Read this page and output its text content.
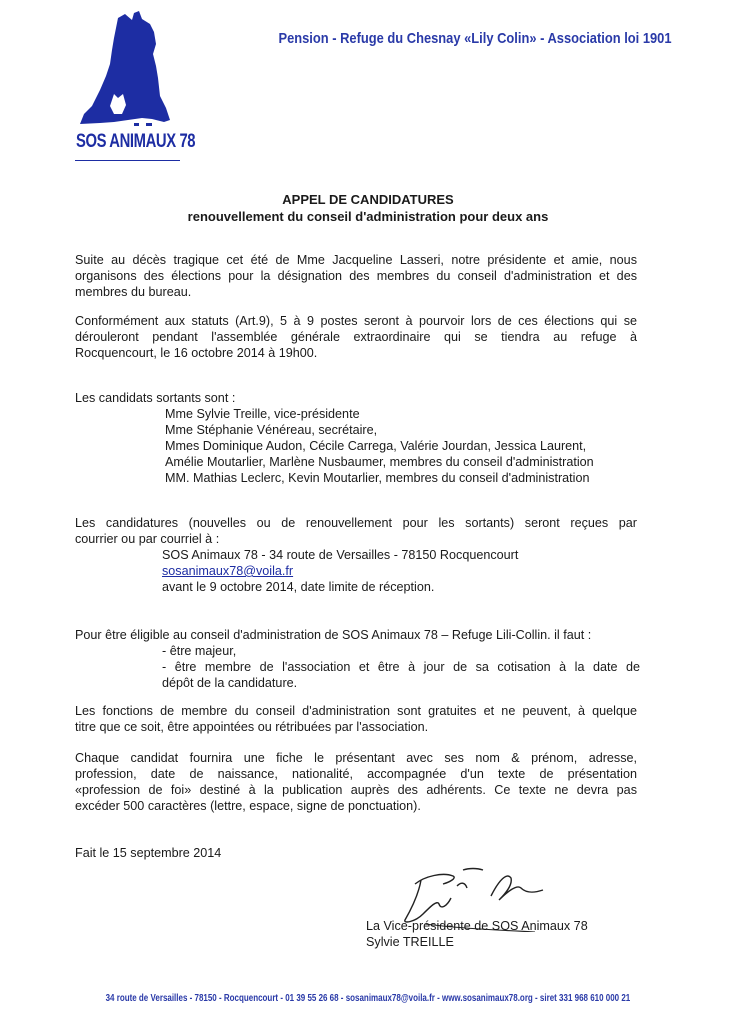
SOS ANIMAUX 78
Pension - Refuge du Chesnay «Lily Colin» - Association loi 1901
APPEL DE CANDIDATURES
renouvellement du conseil d'administration pour deux ans
Suite au décès tragique cet été de Mme Jacqueline Lasseri, notre présidente et amie, nous
organisons des élections pour la désignation des membres du conseil d'administration et des
membres du bureau.
Conformément aux statuts (Art.9), 5 à 9 postes seront à pourvoir lors de ces élections qui se
dérouleront pendant l'assemblée générale extraordinaire qui se tiendra au refuge à
Rocquencourt, le 16 octobre 2014 à 19h00.
Les candidats sortants sont :
Mme Sylvie Treille, vice-présidente
Mme Stéphanie Vénéreau, secrétaire,
Mmes Dominique Audon, Cécile Carrega, Valérie Jourdan, Jessica Laurent,
Amélie Moutarlier, Marlène Nusbaumer, membres du conseil d'administration
MM. Mathias Leclerc, Kevin Moutarlier, membres du conseil d'administration
Les candidatures (nouvelles ou de renouvellement pour les sortants) seront reçues par
courrier ou par courriel à :
SOS Animaux 78 - 34 route de Versailles - 78150 Rocquencourt
sosanimaux78@voila.fr
avant le 9 octobre 2014, date limite de réception.
Pour être éligible au conseil d'administration de SOS Animaux 78 – Refuge Lili-Collin. il faut :
- être majeur,
- être membre de l'association et être à jour de sa cotisation à la date de
dépôt de la candidature.
Les fonctions de membre du conseil d'administration sont gratuites et ne peuvent, à quelque
titre que ce soit, être appointées ou rétribuées par l'association.
Chaque candidat fournira une fiche le présentant avec ses nom & prénom, adresse,
profession, date de naissance, nationalité, accompagnée d'un texte de présentation
«profession de foi» destiné à la publication auprès des adhérents. Ce texte ne devra pas
excéder 500 caractères (lettre, espace, signe de ponctuation).
Fait le 15 septembre 2014
La Vice-présidente de SOS Animaux 78
Sylvie TREILLE
34 route de Versailles - 78150 - Rocquencourt - 01 39 55 26 68 - sosanimaux78@voila.fr - www.sosanimaux78.org - siret 331 968 610 000 21
